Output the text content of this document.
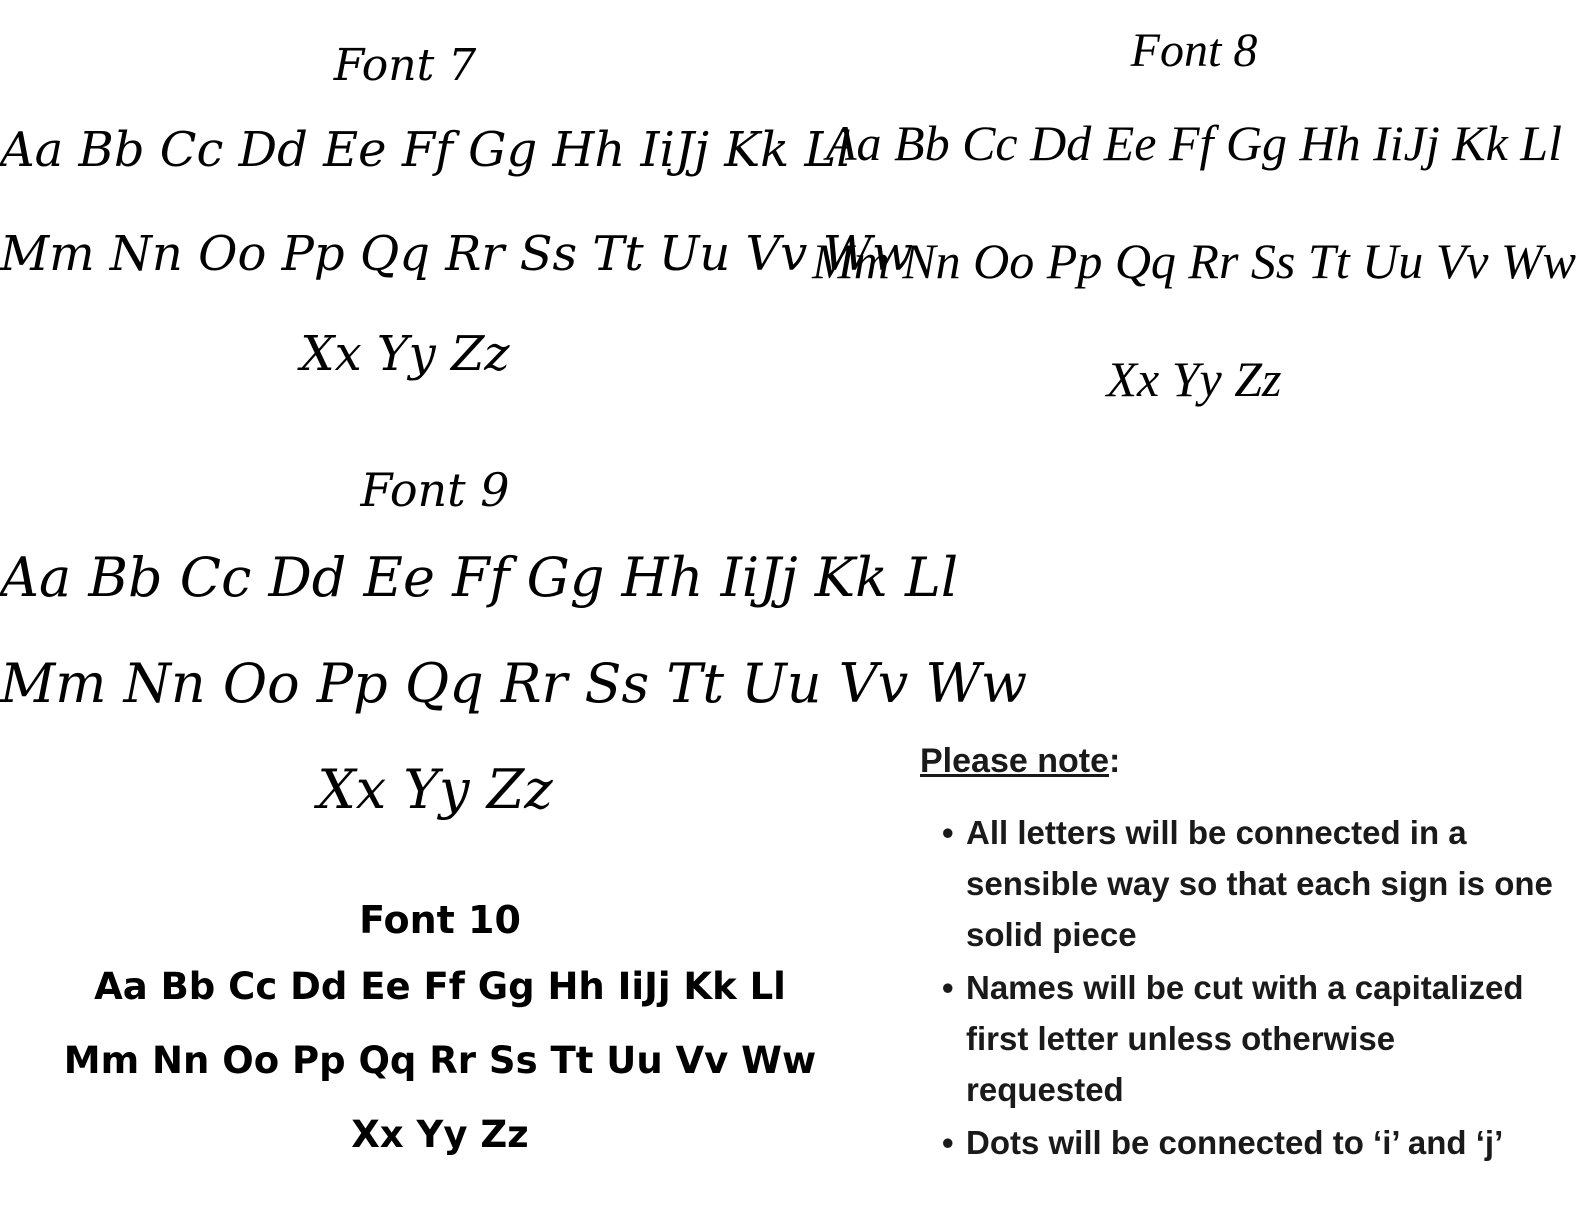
Font 7
Aa Bb Cc Dd Ee Ff Gg Hh IiJj Kk Ll
Mm Nn Oo Pp Qq Rr Ss Tt Uu Vv Ww
Xx Yy Zz
Font 8
Aa Bb Cc Dd Ee Ff Gg Hh IiJj Kk Ll
Mm Nn Oo Pp Qq Rr Ss Tt Uu Vv Ww
Xx Yy Zz
Font 9
Aa Bb Cc Dd Ee Ff Gg Hh IiJj Kk Ll
Mm Nn Oo Pp Qq Rr Ss Tt Uu Vv Ww
Xx Yy Zz
Font 10
Aa Bb Cc Dd Ee Ff Gg Hh IiJj Kk Ll
Mm Nn Oo Pp Qq Rr Ss Tt Uu Vv Ww
Xx Yy Zz
Please note:
• All letters will be connected in a sensible way so that each sign is one solid piece
• Names will be cut with a capitalized first letter unless otherwise requested
• Dots will be connected to ‘i’ and ‘j’
